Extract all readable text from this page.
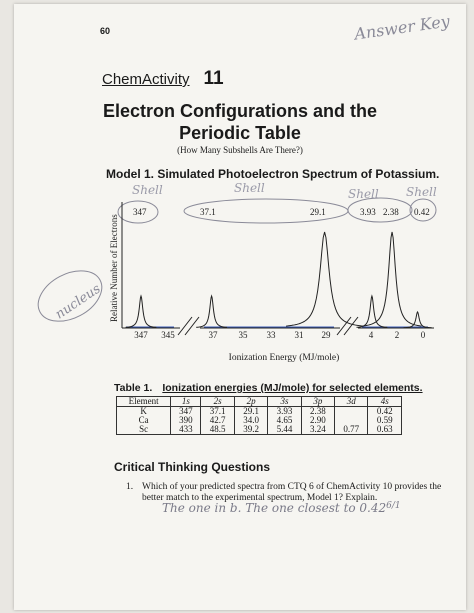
60	Answer Key
ChemActivity 11
Electron Configurations and the
Periodic Table
(How Many Subshells Are There?)
Model 1. Simulated Photoelectron Spectrum of Potassium.
Shell	Shell	Shell Shell
nucleus Relative Number of Electrons
347	37.1	29.1	3.93 2.38 0.42
347 345	37 35 33 31 29	4 2 0
Ionization Energy (MJ/mole)
Table 1. Ionization energies (MJ/mole) for selected elements.
Element	1s	2s	2p	3s	3p	3d	4s
K	347	37.1	29.1	3.93	2.38		0.42
Ca	390	42.7	34.0	4.65	2.90		0.59
Sc	433	48.5	39.2	5.44	3.24	0.77	0.63
Critical Thinking Questions
1. Which of your predicted spectra from CTQ 6 of ChemActivity 10 provides the better match to the experimental spectrum, Model 1? Explain.
The one in b. The one closest to $0.42^{6/1}$
